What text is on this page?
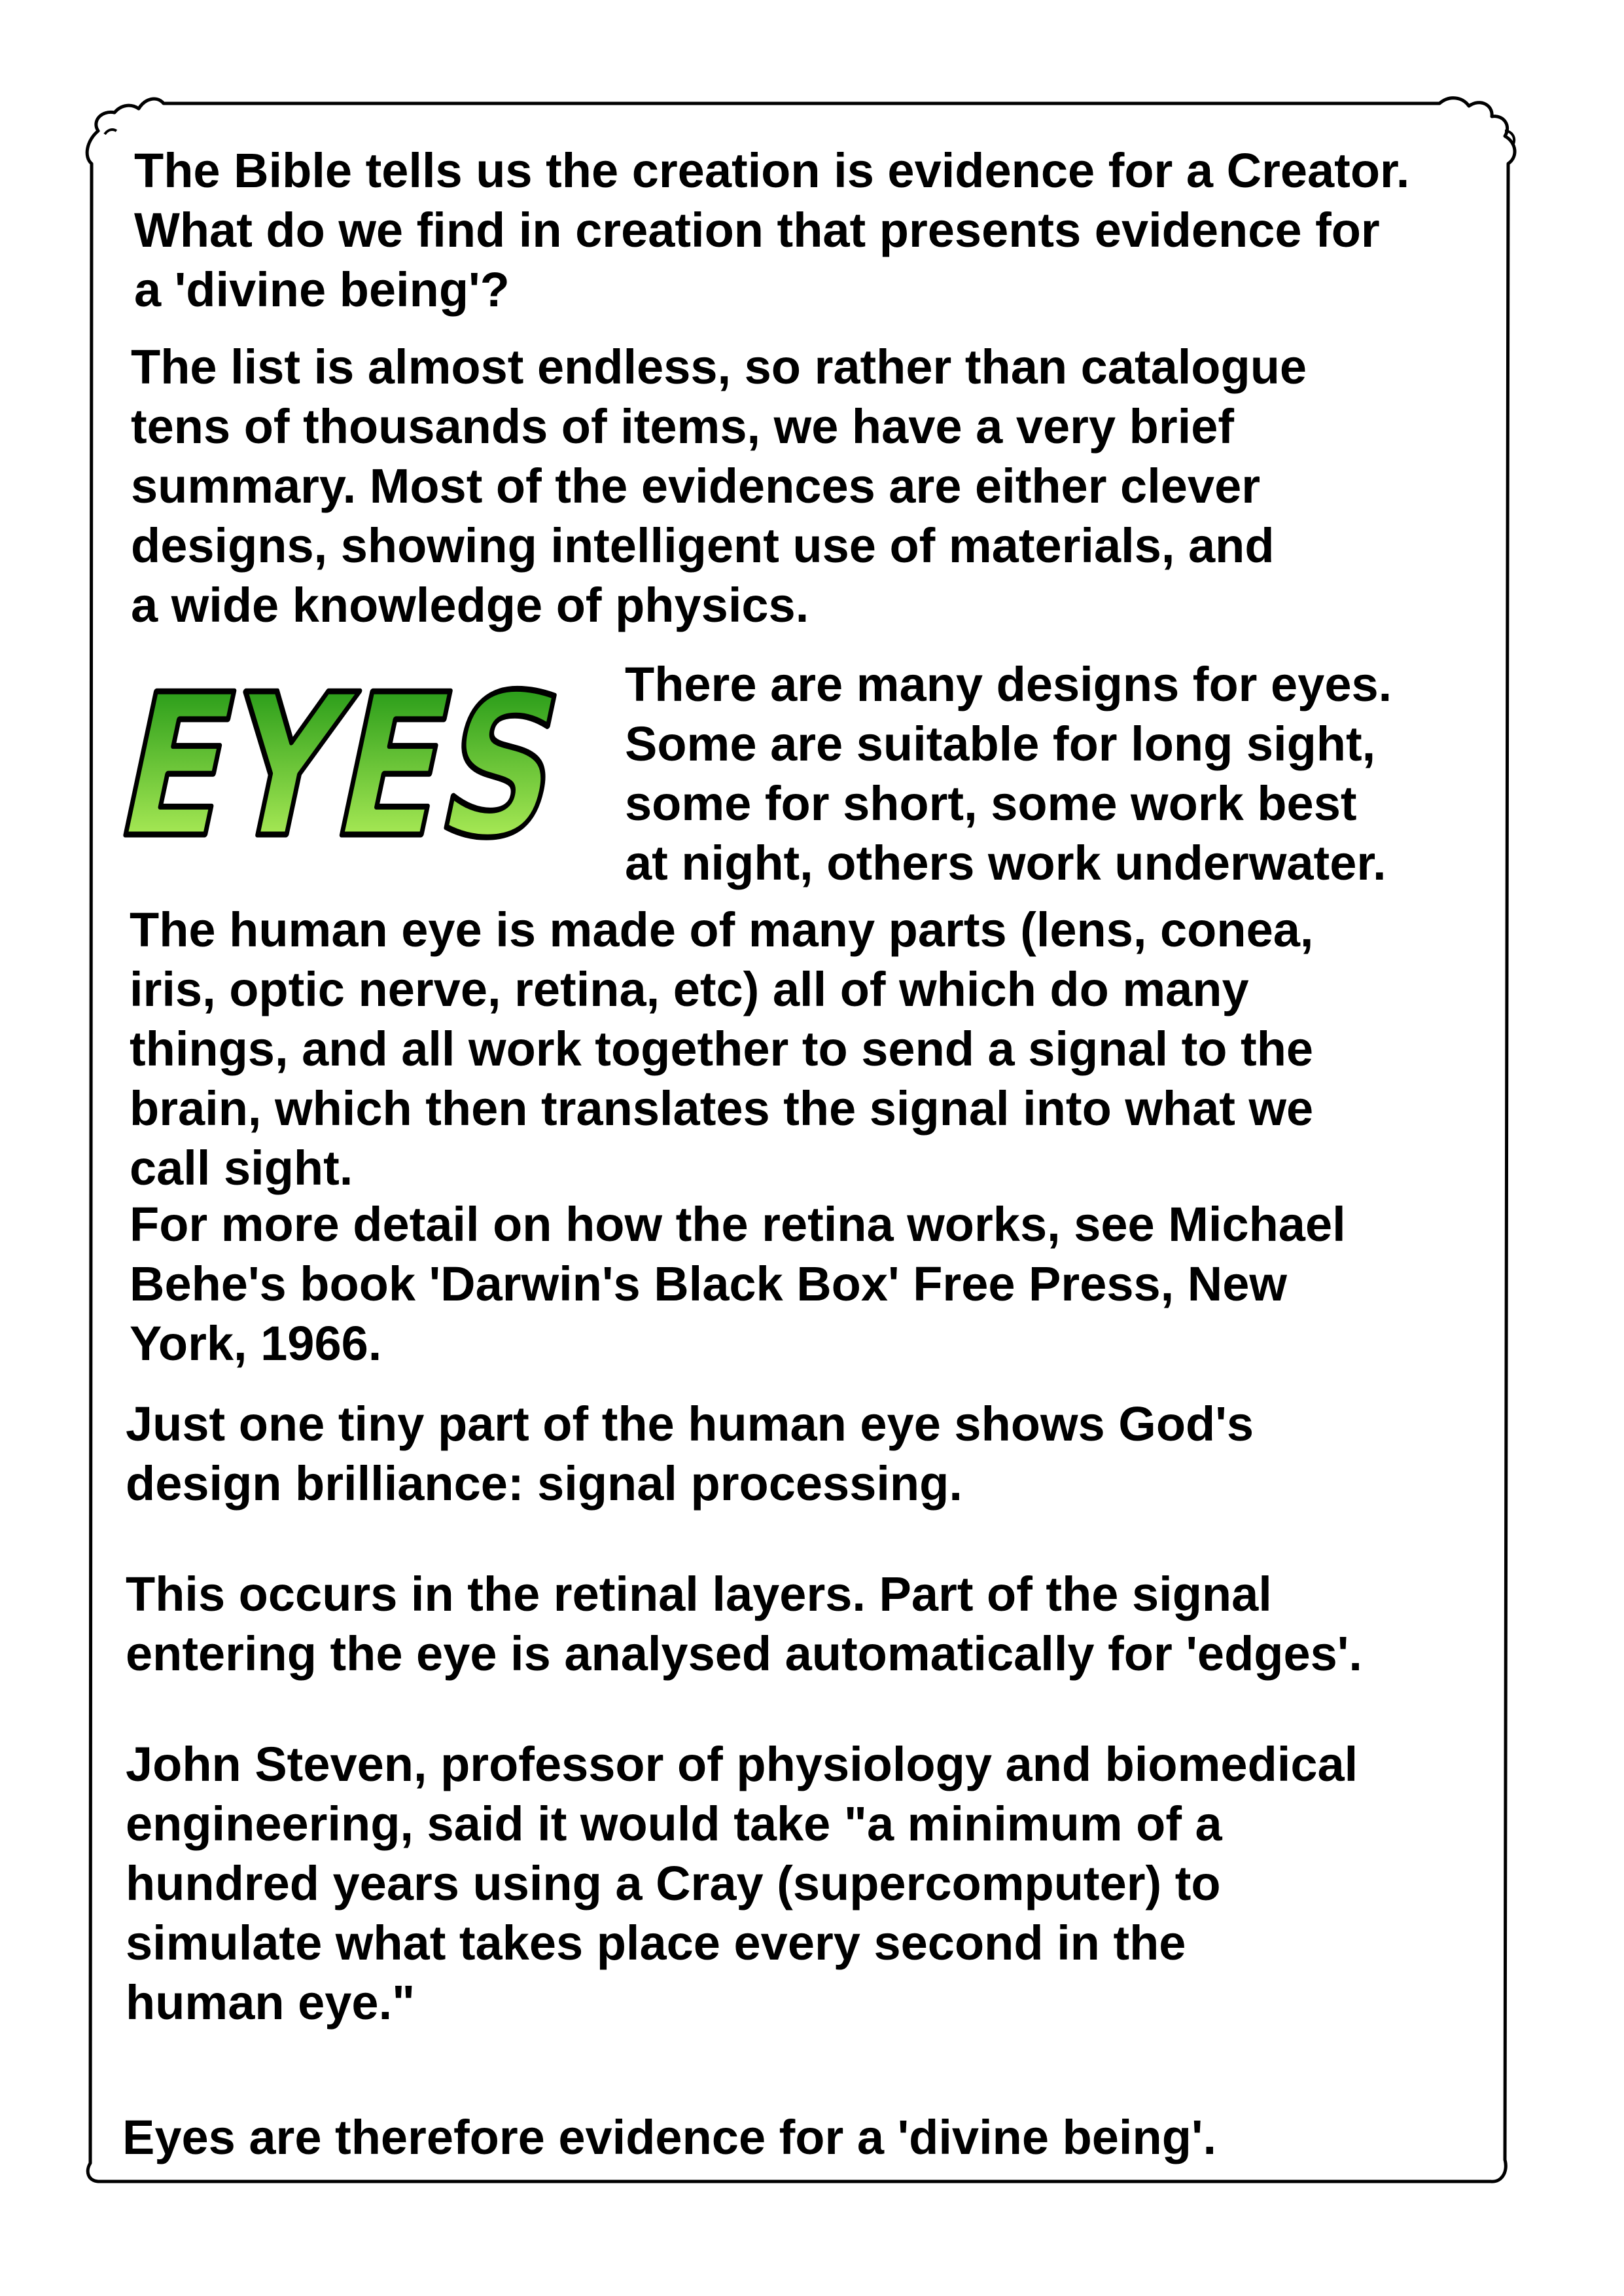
The Bible tells us the creation is evidence for a Creator.
What do we find in creation that presents evidence for
a 'divine being'?

The list is almost endless, so rather than catalogue
tens of thousands of items, we have a very brief
summary. Most of the evidences are either clever
designs, showing intelligent use of materials, and
a wide knowledge of physics.

EYES

There are many designs for eyes.
Some are suitable for long sight,
some for short, some work best
at night, others work underwater.

The human eye is made of many parts (lens, conea,
iris, optic nerve, retina, etc) all of which do many
things, and all work together to send a signal to the
brain, which then translates the signal into what we
call sight.

For more detail on how the retina works, see Michael
Behe's book 'Darwin's Black Box' Free Press, New
York, 1966.

Just one tiny part of the human eye shows God's
design brilliance: signal processing.

This occurs in the retinal layers. Part of the signal
entering the eye is analysed automatically for 'edges'.

John Steven, professor of physiology and biomedical
engineering, said it would take "a minimum of a
hundred years using a Cray (supercomputer) to
simulate what takes place every second in the
human eye."

Eyes are therefore evidence for a 'divine being'.
